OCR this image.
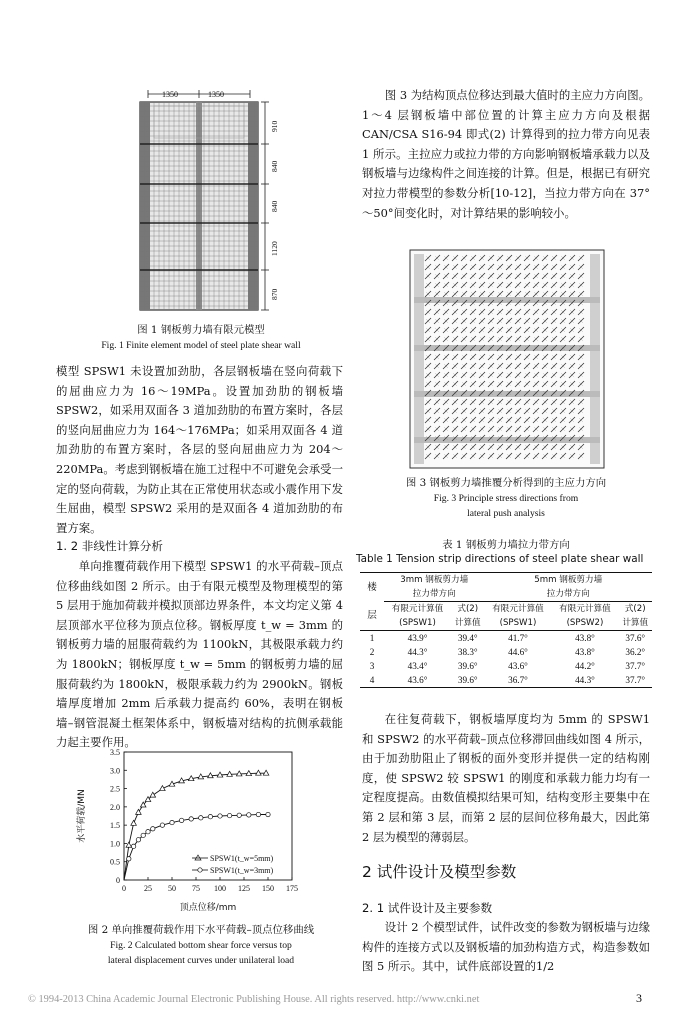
1350	1350
910
840
840
1120
870

图 1 钢板剪力墙有限元模型

Fig. 1 Finite element model of steel plate shear wall

模型 SPSW1 未设置加劲肋，各层钢板墙在竖向荷载下的屈曲应力为 16～19MPa。设置加劲肋的钢板墙 SPSW2，如采用双面各 3 道加劲肋的布置方案时，各层的竖向屈曲应力为 164～176MPa；如采用双面各 4 道加劲肋的布置方案时，各层的竖向屈曲应力为 204～220MPa。考虑到钢板墙在施工过程中不可避免会承受一定的竖向荷载，为防止其在正常使用状态或小震作用下发生屈曲，模型 SPSW2 采用的是双面各 4 道加劲肋的布置方案。

1. 2 非线性计算分析

单向推覆荷载作用下模型 SPSW1 的水平荷载–顶点位移曲线如图 2 所示。由于有限元模型及物理模型的第 5 层用于施加荷载并模拟顶部边界条件，本文均定义第 4 层顶部水平位移为顶点位移。钢板厚度 t_w = 3mm 的钢板剪力墙的屈服荷载约为 1100kN，其极限承载力约为 1800kN；钢板厚度 t_w = 5mm 的钢板剪力墙的屈服荷载约为 1800kN，极限承载力约为 2900kN。钢板墙厚度增加 2mm 后承载力提高约 60%，表明在钢板墙–钢管混凝土框架体系中，钢板墙对结构的抗侧承载能力起主要作用。

0 25 50 75 100 125 150 175
0
0.5
1.0
1.5
2.0
2.5
3.0
3.5
水平荷载/MN
顶点位移/mm
SPSW1(t_w=5mm)
SPSW1(t_w=3mm)

图 2 单向推覆荷载作用下水平荷载–顶点位移曲线

Fig. 2 Calculated bottom shear force versus top

lateral displacement curves under unilateral load

图 3 为结构顶点位移达到最大值时的主应力方向图。1～4 层钢板墙中部位置的计算主应力方向及根据 CAN/CSA S16-94 即式(2) 计算得到的拉力带方向见表 1 所示。主拉应力或拉力带的方向影响钢板墙承载力以及钢板墙与边缘构件之间连接的计算。但是，根据已有研究对拉力带模型的参数分析[10-12]，当拉力带方向在 37°～50°间变化时，对计算结果的影响较小。

图 3 钢板剪力墙推覆分析得到的主应力方向

Fig. 3 Principle stress directions from

lateral push analysis

表 1 钢板剪力墙拉力带方向

Table 1 Tension strip directions of steel plate shear wall

楼	3mm 钢板剪力墙		5mm 钢板剪力墙		
	拉力带方向		拉力带方向		
层	有限元计算值	式(2)	有限元计算值	有限元计算值	式(2)
	(SPSW1)	计算值	(SPSW1)	(SPSW2)	计算值
1	43.9°	39.4°	41.7°	43.8°	37.6°
2	44.3°	38.3°	44.6°	43.8°	36.2°
3	43.4°	39.6°	43.6°	44.2°	37.7°
4	43.6°	39.6°	36.7°	44.3°	37.7°

在往复荷载下，钢板墙厚度均为 5mm 的 SPSW1 和 SPSW2 的水平荷载–顶点位移滞回曲线如图 4 所示，由于加劲肋阻止了钢板的面外变形并提供一定的结构刚度，使 SPSW2 较 SPSW1 的刚度和承载力能力均有一定程度提高。由数值模拟结果可知，结构变形主要集中在第 2 层和第 3 层，而第 2 层的层间位移角最大，因此第 2 层为模型的薄弱层。

2 试件设计及模型参数

2. 1 试件设计及主要参数

设计 2 个模型试件，试件改变的参数为钢板墙与边缘构件的连接方式以及钢板墙的加劲构造方式，构造参数如图 5 所示。其中，试件底部设置的1/2

© 1994-2013 China Academic Journal Electronic Publishing House. All rights reserved. http://www.cnki.net	3
